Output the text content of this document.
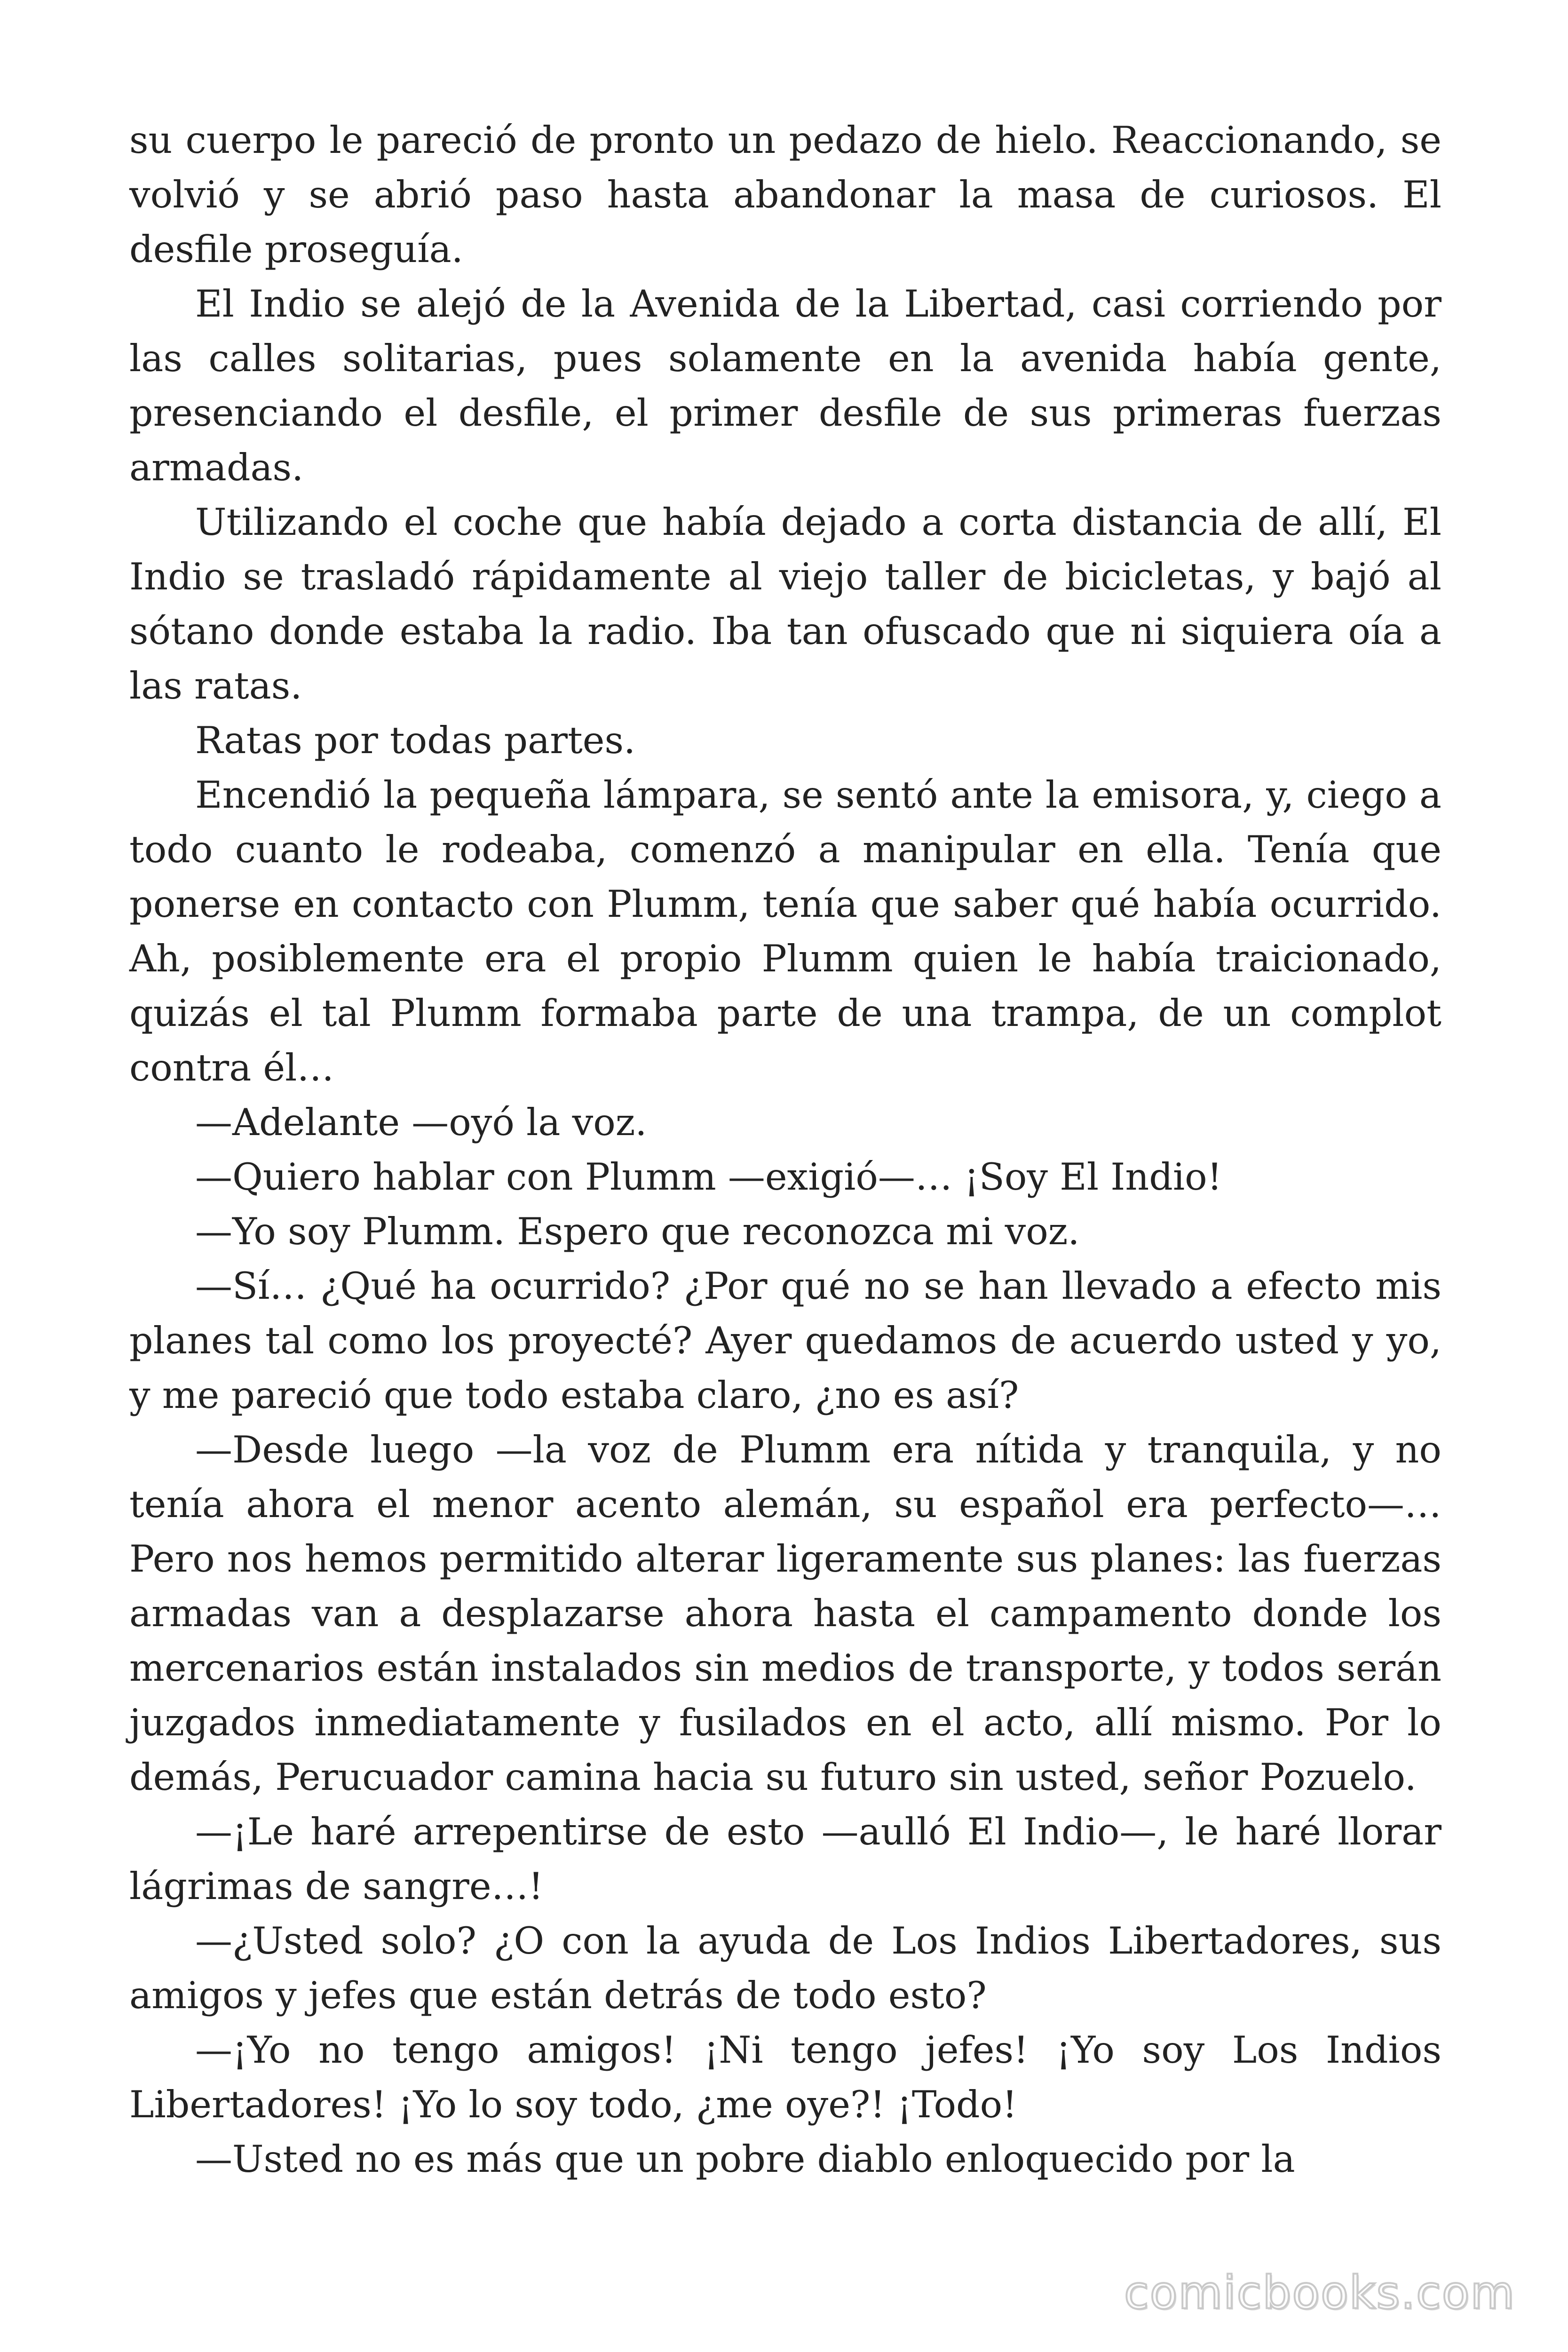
su cuerpo le pareció de pronto un pedazo de hielo. Reaccionando, se volvió y se abrió paso hasta abandonar la masa de curiosos. El desfile proseguía.

El Indio se alejó de la Avenida de la Libertad, casi corriendo por las calles solitarias, pues solamente en la avenida había gente, presenciando el desfile, el primer desfile de sus primeras fuerzas armadas.

Utilizando el coche que había dejado a corta distancia de allí, El Indio se trasladó rápidamente al viejo taller de bicicletas, y bajó al sótano donde estaba la radio. Iba tan ofuscado que ni siquiera oía a las ratas.

Ratas por todas partes.

Encendió la pequeña lámpara, se sentó ante la emisora, y, ciego a todo cuanto le rodeaba, comenzó a manipular en ella. Tenía que ponerse en contacto con Plumm, tenía que saber qué había ocurrido. Ah, posiblemente era el propio Plumm quien le había traicionado, quizás el tal Plumm formaba parte de una trampa, de un complot contra él…

—Adelante —oyó la voz.

—Quiero hablar con Plumm —exigió—… ¡Soy El Indio!

—Yo soy Plumm. Espero que reconozca mi voz.

—Sí… ¿Qué ha ocurrido? ¿Por qué no se han llevado a efecto mis planes tal como los proyecté? Ayer quedamos de acuerdo usted y yo, y me pareció que todo estaba claro, ¿no es así?

—Desde luego —la voz de Plumm era nítida y tranquila, y no tenía ahora el menor acento alemán, su español era perfecto—… Pero nos hemos permitido alterar ligeramente sus planes: las fuerzas armadas van a desplazarse ahora hasta el campamento donde los mercenarios están instalados sin medios de transporte, y todos serán juzgados inmediatamente y fusilados en el acto, allí mismo. Por lo demás, Perucuador camina hacia su futuro sin usted, señor Pozuelo.

—¡Le haré arrepentirse de esto —aulló El Indio—, le haré llorar lágrimas de sangre…!

—¿Usted solo? ¿O con la ayuda de Los Indios Libertadores, sus amigos y jefes que están detrás de todo esto?

—¡Yo no tengo amigos! ¡Ni tengo jefes! ¡Yo soy Los Indios Libertadores! ¡Yo lo soy todo, ¿me oye?! ¡Todo!

—Usted no es más que un pobre diablo enloquecido por la

comicbooks.com
